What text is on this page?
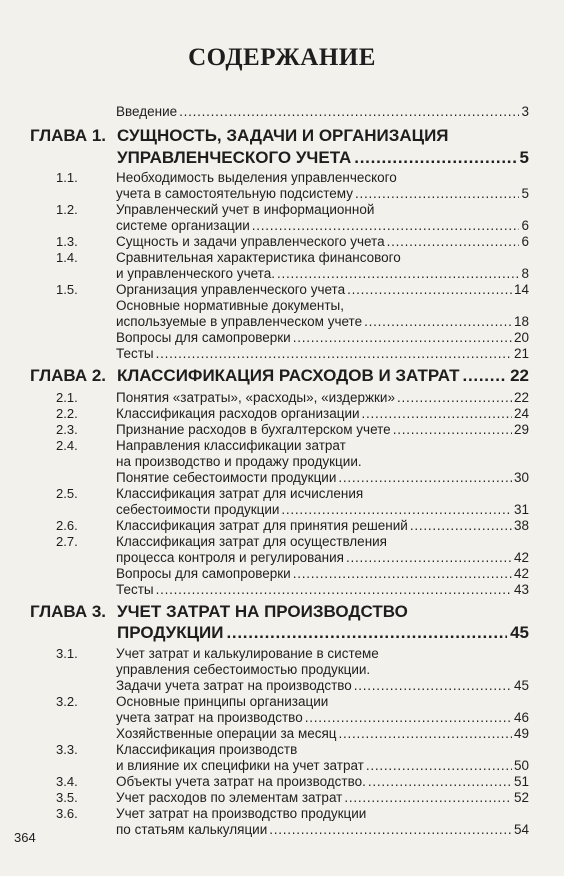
СОДЕРЖАНИЕ
Введение . . .	3
ГЛАВА 1. СУЩНОСТЬ, ЗАДАЧИ И ОРГАНИЗАЦИЯ
УПРАВЛЕНЧЕСКОГО УЧЕТА . . .	5
1.1.	Необходимость выделения управленческого
учета в самостоятельную подсистему . . .	5
1.2.	Управленческий учет в информационной
системе организации . . .	6
1.3.	Сущность и задачи управленческого учета . . .	6
1.4.	Сравнительная характеристика финансового
и управленческого учета. . . .	8
1.5.	Организация управленческого учета . . .	14
Основные нормативные документы,
используемые в управленческом учете . . .	18
Вопросы для самопроверки . . .	20
Тесты . . .	21
ГЛАВА 2. КЛАССИФИКАЦИЯ РАСХОДОВ И ЗАТРАТ . . .	22
2.1.	Понятия «затраты», «расходы», «издержки» . . .	22
2.2.	Классификация расходов организации . . .	24
2.3.	Признание расходов в бухгалтерском учете . . .	29
2.4.	Направления классификации затрат
на производство и продажу продукции.
Понятие себестоимости продукции . . .	30
2.5.	Классификация затрат для исчисления
себестоимости продукции . . .	31
2.6.	Классификация затрат для принятия решений . . .	38
2.7.	Классификация затрат для осуществления
процесса контроля и регулирования . . .	42
Вопросы для самопроверки . . .	42
Тесты . . .	43
ГЛАВА 3. УЧЕТ ЗАТРАТ НА ПРОИЗВОДСТВО
ПРОДУКЦИИ . . .	45
3.1.	Учет затрат и калькулирование в системе
управления себестоимостью продукции.
Задачи учета затрат на производство . . .	45
3.2.	Основные принципы организации
учета затрат на производство . . .	46
Хозяйственные операции за месяц . . .	49
3.3.	Классификация производств
и влияние их специфики на учет затрат . . .	50
3.4.	Объекты учета затрат на производство. . . .	51
3.5.	Учет расходов по элементам затрат . . .	52
3.6.	Учет затрат на производство продукции
по статьям калькуляции . . .	54
364
